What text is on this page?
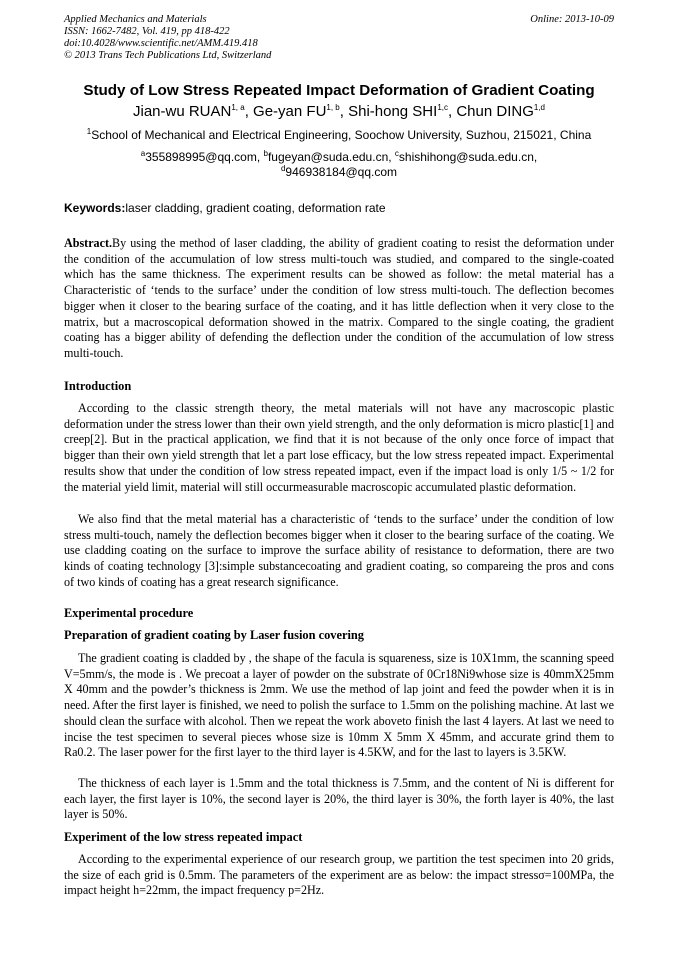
Applied Mechanics and Materials
ISSN: 1662-7482, Vol. 419, pp 418-422
doi:10.4028/www.scientific.net/AMM.419.418
© 2013 Trans Tech Publications Ltd, Switzerland
Online: 2013-10-09
Study of Low Stress Repeated Impact Deformation of Gradient Coating
Jian-wu RUAN$^{1, a}$, Ge-yan FU$^{1, b}$, Shi-hong SHI$^{1,c}$, Chun DING$^{1,d}$
$^1$School of Mechanical and Electrical Engineering, Soochow University, Suzhou, 215021, China
$^a$355898995@qq.com, $^b$fugeyan@suda.edu.cn, $^c$shishihong@suda.edu.cn,
$^d$946938184@qq.com
Keywords:laser cladding, gradient coating, deformation rate
Abstract.By using the method of laser cladding, the ability of gradient coating to resist the deformation under the condition of the accumulation of low stress multi-touch was studied, and compared to the single-coated which has the same thickness. The experiment results can be showed as follow: the metal material has a Characteristic of ‘tends to the surface’ under the condition of low stress multi-touch. The deflection becomes bigger when it closer to the bearing surface of the coating, and it has little deflection when it very close to the matrix, but a macroscopical deformation showed in the matrix. Compared to the single coating, the gradient coating has a bigger ability of defending the deflection under the condition of the accumulation of low stress multi-touch.
Introduction
According to the classic strength theory, the metal materials will not have any macroscopic plastic deformation under the stress lower than their own yield strength, and the only deformation is micro plastic[1] and creep[2]. But in the practical application, we find that it is not because of the only once force of impact that bigger than their own yield strength that let a part lose efficacy, but the low stress repeated impact. Experimental results show that under the condition of low stress repeated impact, even if the impact load is only 1/5 ~ 1/2 for the material yield limit, material will still occurmeasurable macroscopic accumulated plastic deformation.
We also find that the metal material has a characteristic of ‘tends to the surface’ under the condition of low stress multi-touch, namely the deflection becomes bigger when it closer to the bearing surface of the coating. We use cladding coating on the surface to improve the surface ability of resistance to deformation, there are two kinds of coating technology [3]:simple substancecoating and gradient coating, so compareing the pros and cons of two kinds of coating has a great research significance.
Experimental procedure
Preparation of gradient coating by Laser fusion covering
The gradient coating is cladded by , the shape of the facula is squareness, size is 10X1mm, the scanning speed V=5mm/s, the mode is . We precoat a layer of powder on the substrate of 0Cr18Ni9whose size is 40mmX25mm X 40mm and the powder’s thickness is 2mm. We use the method of lap joint and feed the powder when it is in need. After the first layer is finished, we need to polish the surface to 1.5mm on the polishing machine. At last we should clean the surface with alcohol. Then we repeat the work aboveto finish the last 4 layers. At last we need to incise the test specimen to several pieces whose size is 10mm X 5mm X 45mm, and accurate grind them to Ra0.2. The laser power for the first layer to the third layer is 4.5KW, and for the last to layers is 3.5KW.
The thickness of each layer is 1.5mm and the total thickness is 7.5mm, and the content of Ni is different for each layer, the first layer is 10%, the second layer is 20%, the third layer is 30%, the forth layer is 40%, the last layer is 50%.
Experiment of the low stress repeated impact
According to the experimental experience of our research group, we partition the test specimen into 20 grids, the size of each grid is 0.5mm. The parameters of the experiment are as below: the impact stressσ=100MPa, the impact height h=22mm, the impact frequency p=2Hz.
